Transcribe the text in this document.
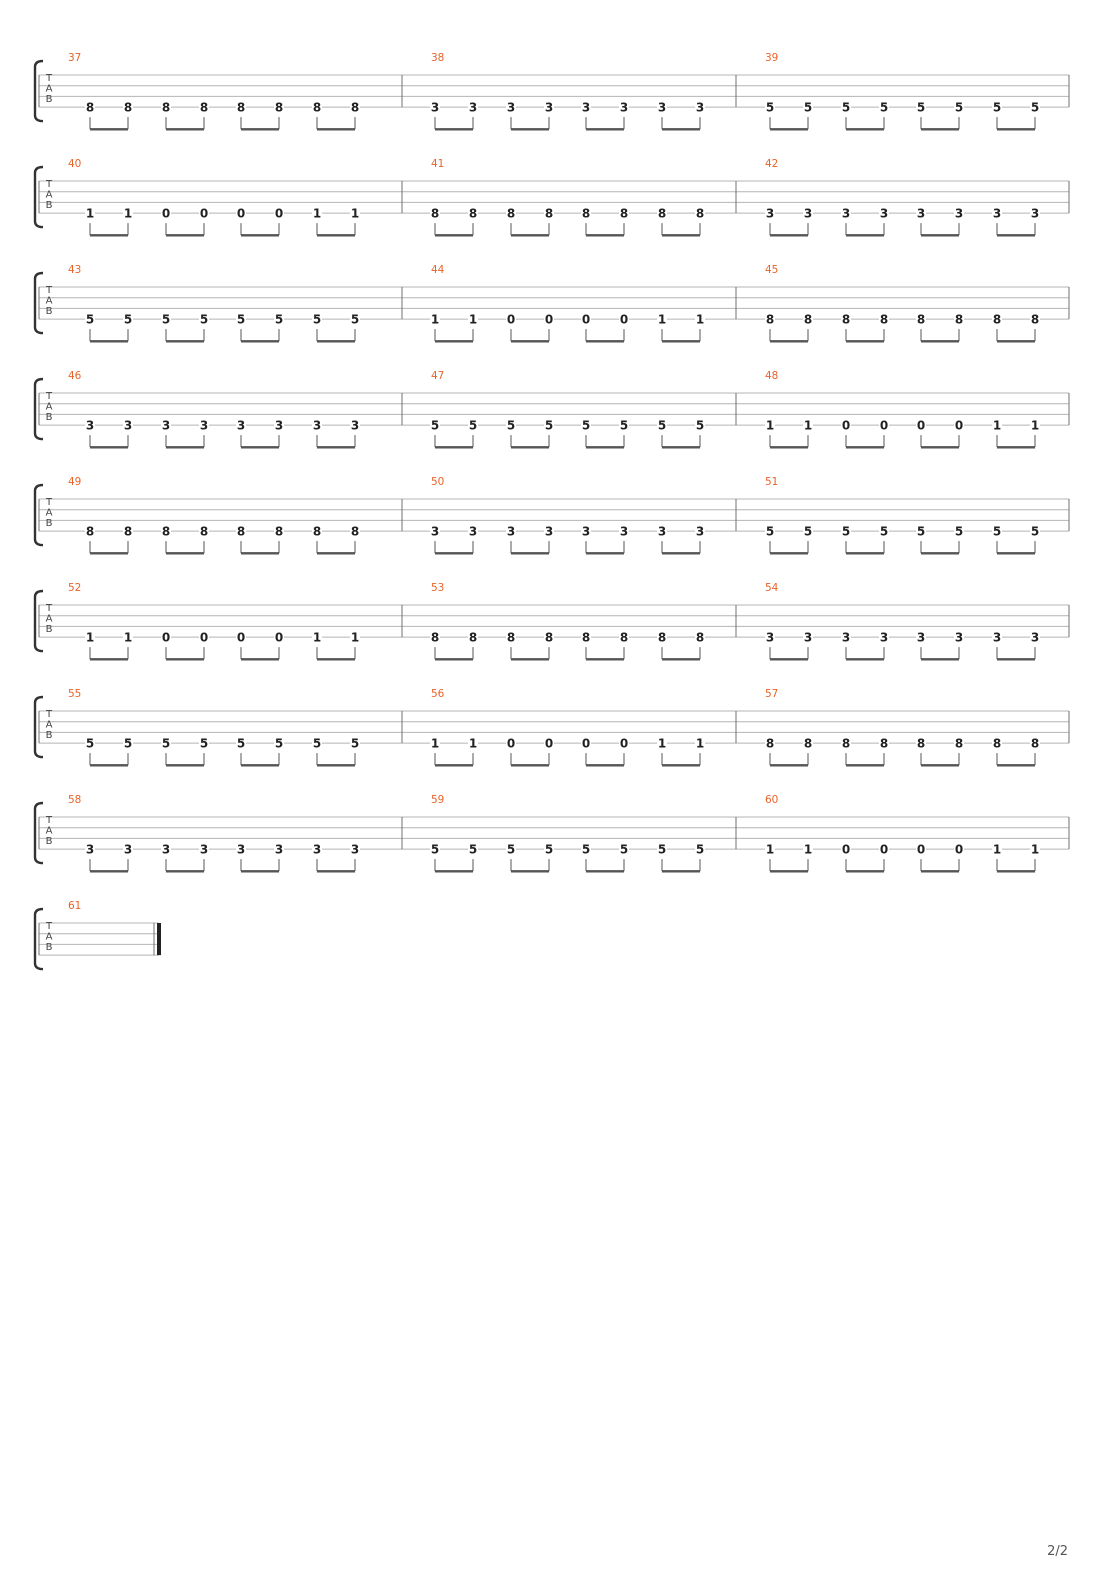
T
A
B
37
8 8 8 8 8 8 8 8
38
3 3 3 3 3 3 3 3
39
5 5 5 5 5 5 5 5
T
A
B
40
1 1 0 0 0 0 1 1
41
8 8 8 8 8 8 8 8
42
3 3 3 3 3 3 3 3
T
A
B
43
5 5 5 5 5 5 5 5
44
1 1 0 0 0 0 1 1
45
8 8 8 8 8 8 8 8
T
A
B
46
3 3 3 3 3 3 3 3
47
5 5 5 5 5 5 5 5
48
1 1 0 0 0 0 1 1
T
A
B
49
8 8 8 8 8 8 8 8
50
3 3 3 3 3 3 3 3
51
5 5 5 5 5 5 5 5
T
A
B
52
1 1 0 0 0 0 1 1
53
8 8 8 8 8 8 8 8
54
3 3 3 3 3 3 3 3
T
A
B
55
5 5 5 5 5 5 5 5
56
1 1 0 0 0 0 1 1
57
8 8 8 8 8 8 8 8
T
A
B
58
3 3 3 3 3 3 3 3
59
5 5 5 5 5 5 5 5
60
1 1 0 0 0 0 1 1
T
A
B
61
2/2
